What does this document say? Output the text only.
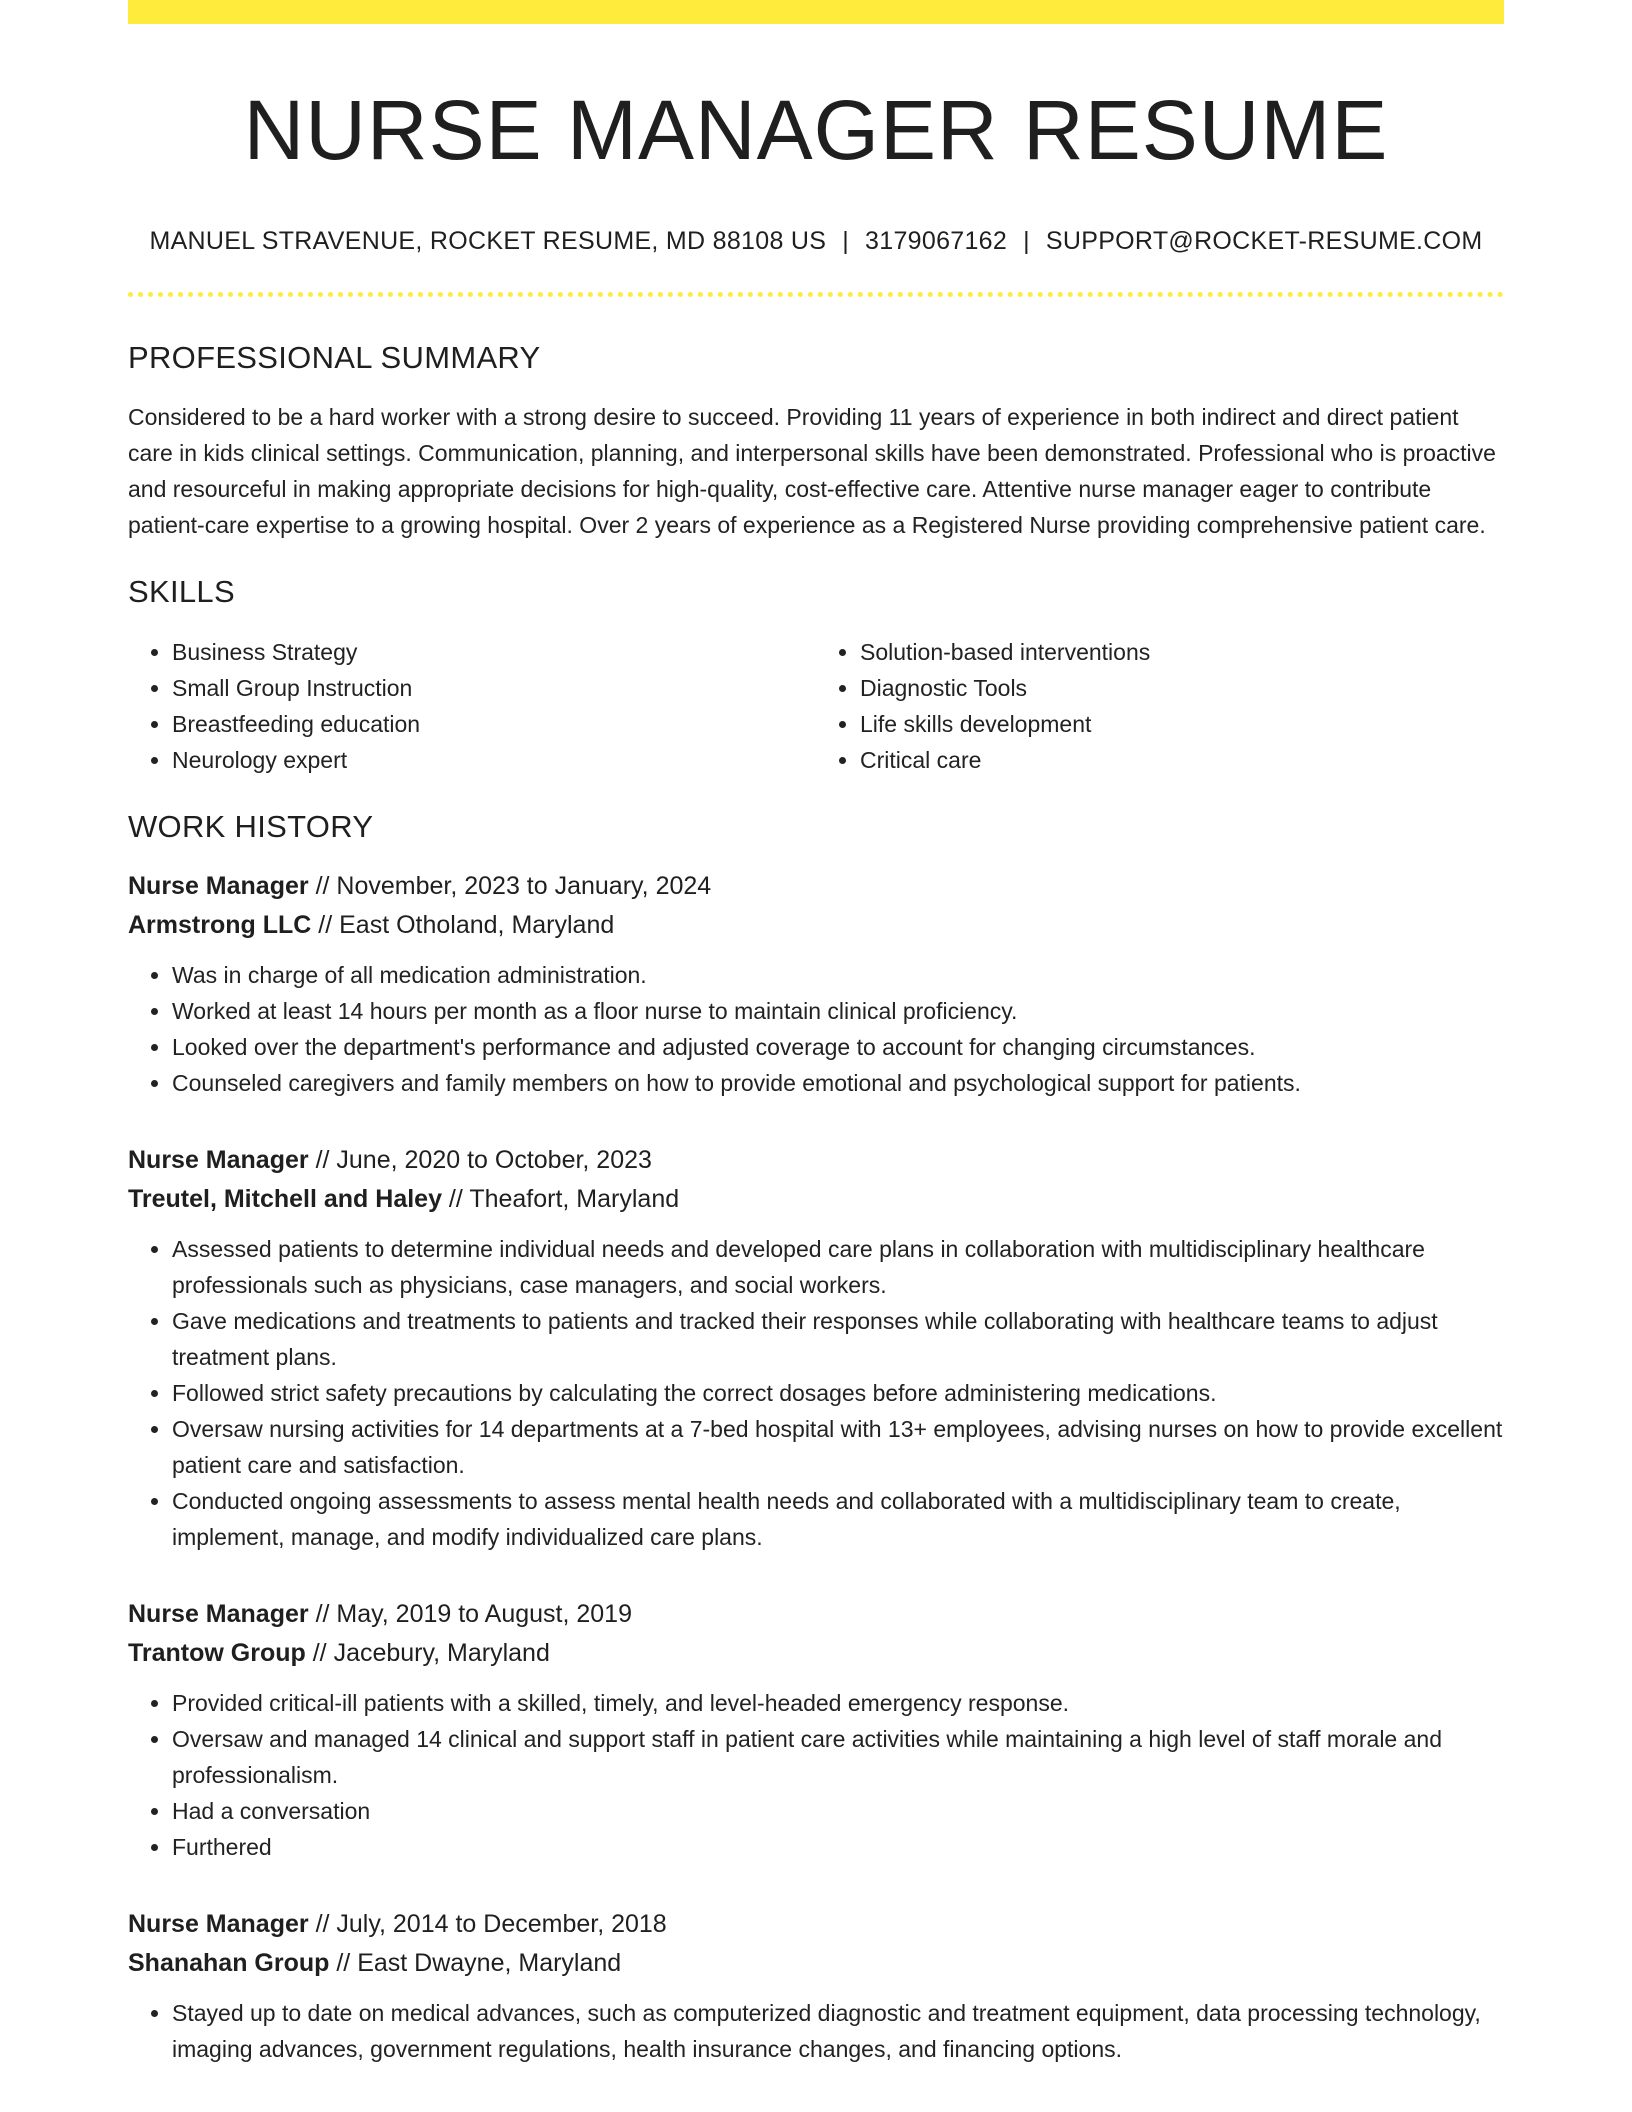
NURSE MANAGER RESUME
MANUEL STRAVENUE, ROCKET RESUME, MD 88108 US | 3179067162 | SUPPORT@ROCKET-RESUME.COM
PROFESSIONAL SUMMARY
Considered to be a hard worker with a strong desire to succeed. Providing 11 years of experience in both indirect and direct patient care in kids clinical settings. Communication, planning, and interpersonal skills have been demonstrated. Professional who is proactive and resourceful in making appropriate decisions for high-quality, cost-effective care. Attentive nurse manager eager to contribute patient-care expertise to a growing hospital. Over 2 years of experience as a Registered Nurse providing comprehensive patient care.
SKILLS
• Business Strategy
• Small Group Instruction
• Breastfeeding education
• Neurology expert
• Solution-based interventions
• Diagnostic Tools
• Life skills development
• Critical care
WORK HISTORY
Nurse Manager // November, 2023 to January, 2024
Armstrong LLC // East Otholand, Maryland
• Was in charge of all medication administration.
• Worked at least 14 hours per month as a floor nurse to maintain clinical proficiency.
• Looked over the department's performance and adjusted coverage to account for changing circumstances.
• Counseled caregivers and family members on how to provide emotional and psychological support for patients.
Nurse Manager // June, 2020 to October, 2023
Treutel, Mitchell and Haley // Theafort, Maryland
• Assessed patients to determine individual needs and developed care plans in collaboration with multidisciplinary healthcare professionals such as physicians, case managers, and social workers.
• Gave medications and treatments to patients and tracked their responses while collaborating with healthcare teams to adjust treatment plans.
• Followed strict safety precautions by calculating the correct dosages before administering medications.
• Oversaw nursing activities for 14 departments at a 7-bed hospital with 13+ employees, advising nurses on how to provide excellent patient care and satisfaction.
• Conducted ongoing assessments to assess mental health needs and collaborated with a multidisciplinary team to create, implement, manage, and modify individualized care plans.
Nurse Manager // May, 2019 to August, 2019
Trantow Group // Jacebury, Maryland
• Provided critical-ill patients with a skilled, timely, and level-headed emergency response.
• Oversaw and managed 14 clinical and support staff in patient care activities while maintaining a high level of staff morale and professionalism.
• Had a conversation
• Furthered
Nurse Manager // July, 2014 to December, 2018
Shanahan Group // East Dwayne, Maryland
• Stayed up to date on medical advances, such as computerized diagnostic and treatment equipment, data processing technology, imaging advances, government regulations, health insurance changes, and financing options.
